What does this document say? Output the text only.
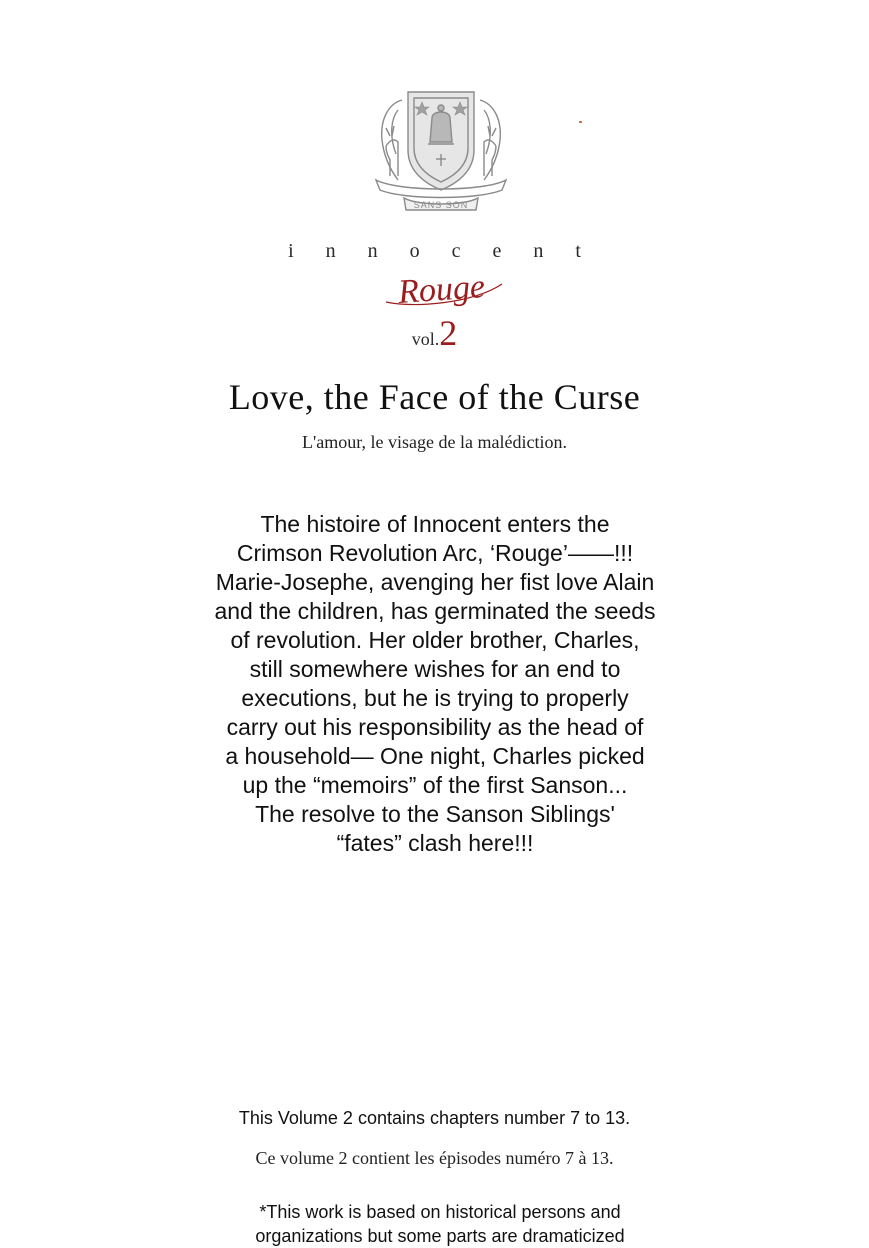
SANS SON
innocent
Rouge
vol.2
Love, the Face of the Curse
L'amour, le visage de la malédiction.

The histoire of Innocent enters the
Crimson Revolution Arc, ‘Rouge’——!!!
Marie-Josephe, avenging her fist love Alain
and the children, has germinated the seeds
of revolution. Her older brother, Charles,
still somewhere wishes for an end to
executions, but he is trying to properly
carry out his responsibility as the head of
a household— One night, Charles picked
up the “memoirs” of the first Sanson...
The resolve to the Sanson Siblings'
“fates” clash here!!!

This Volume 2 contains chapters number 7 to 13.
Ce volume 2 contient les épisodes numéro 7 à 13.

*This work is based on historical persons and
organizations but some parts are dramaticized
